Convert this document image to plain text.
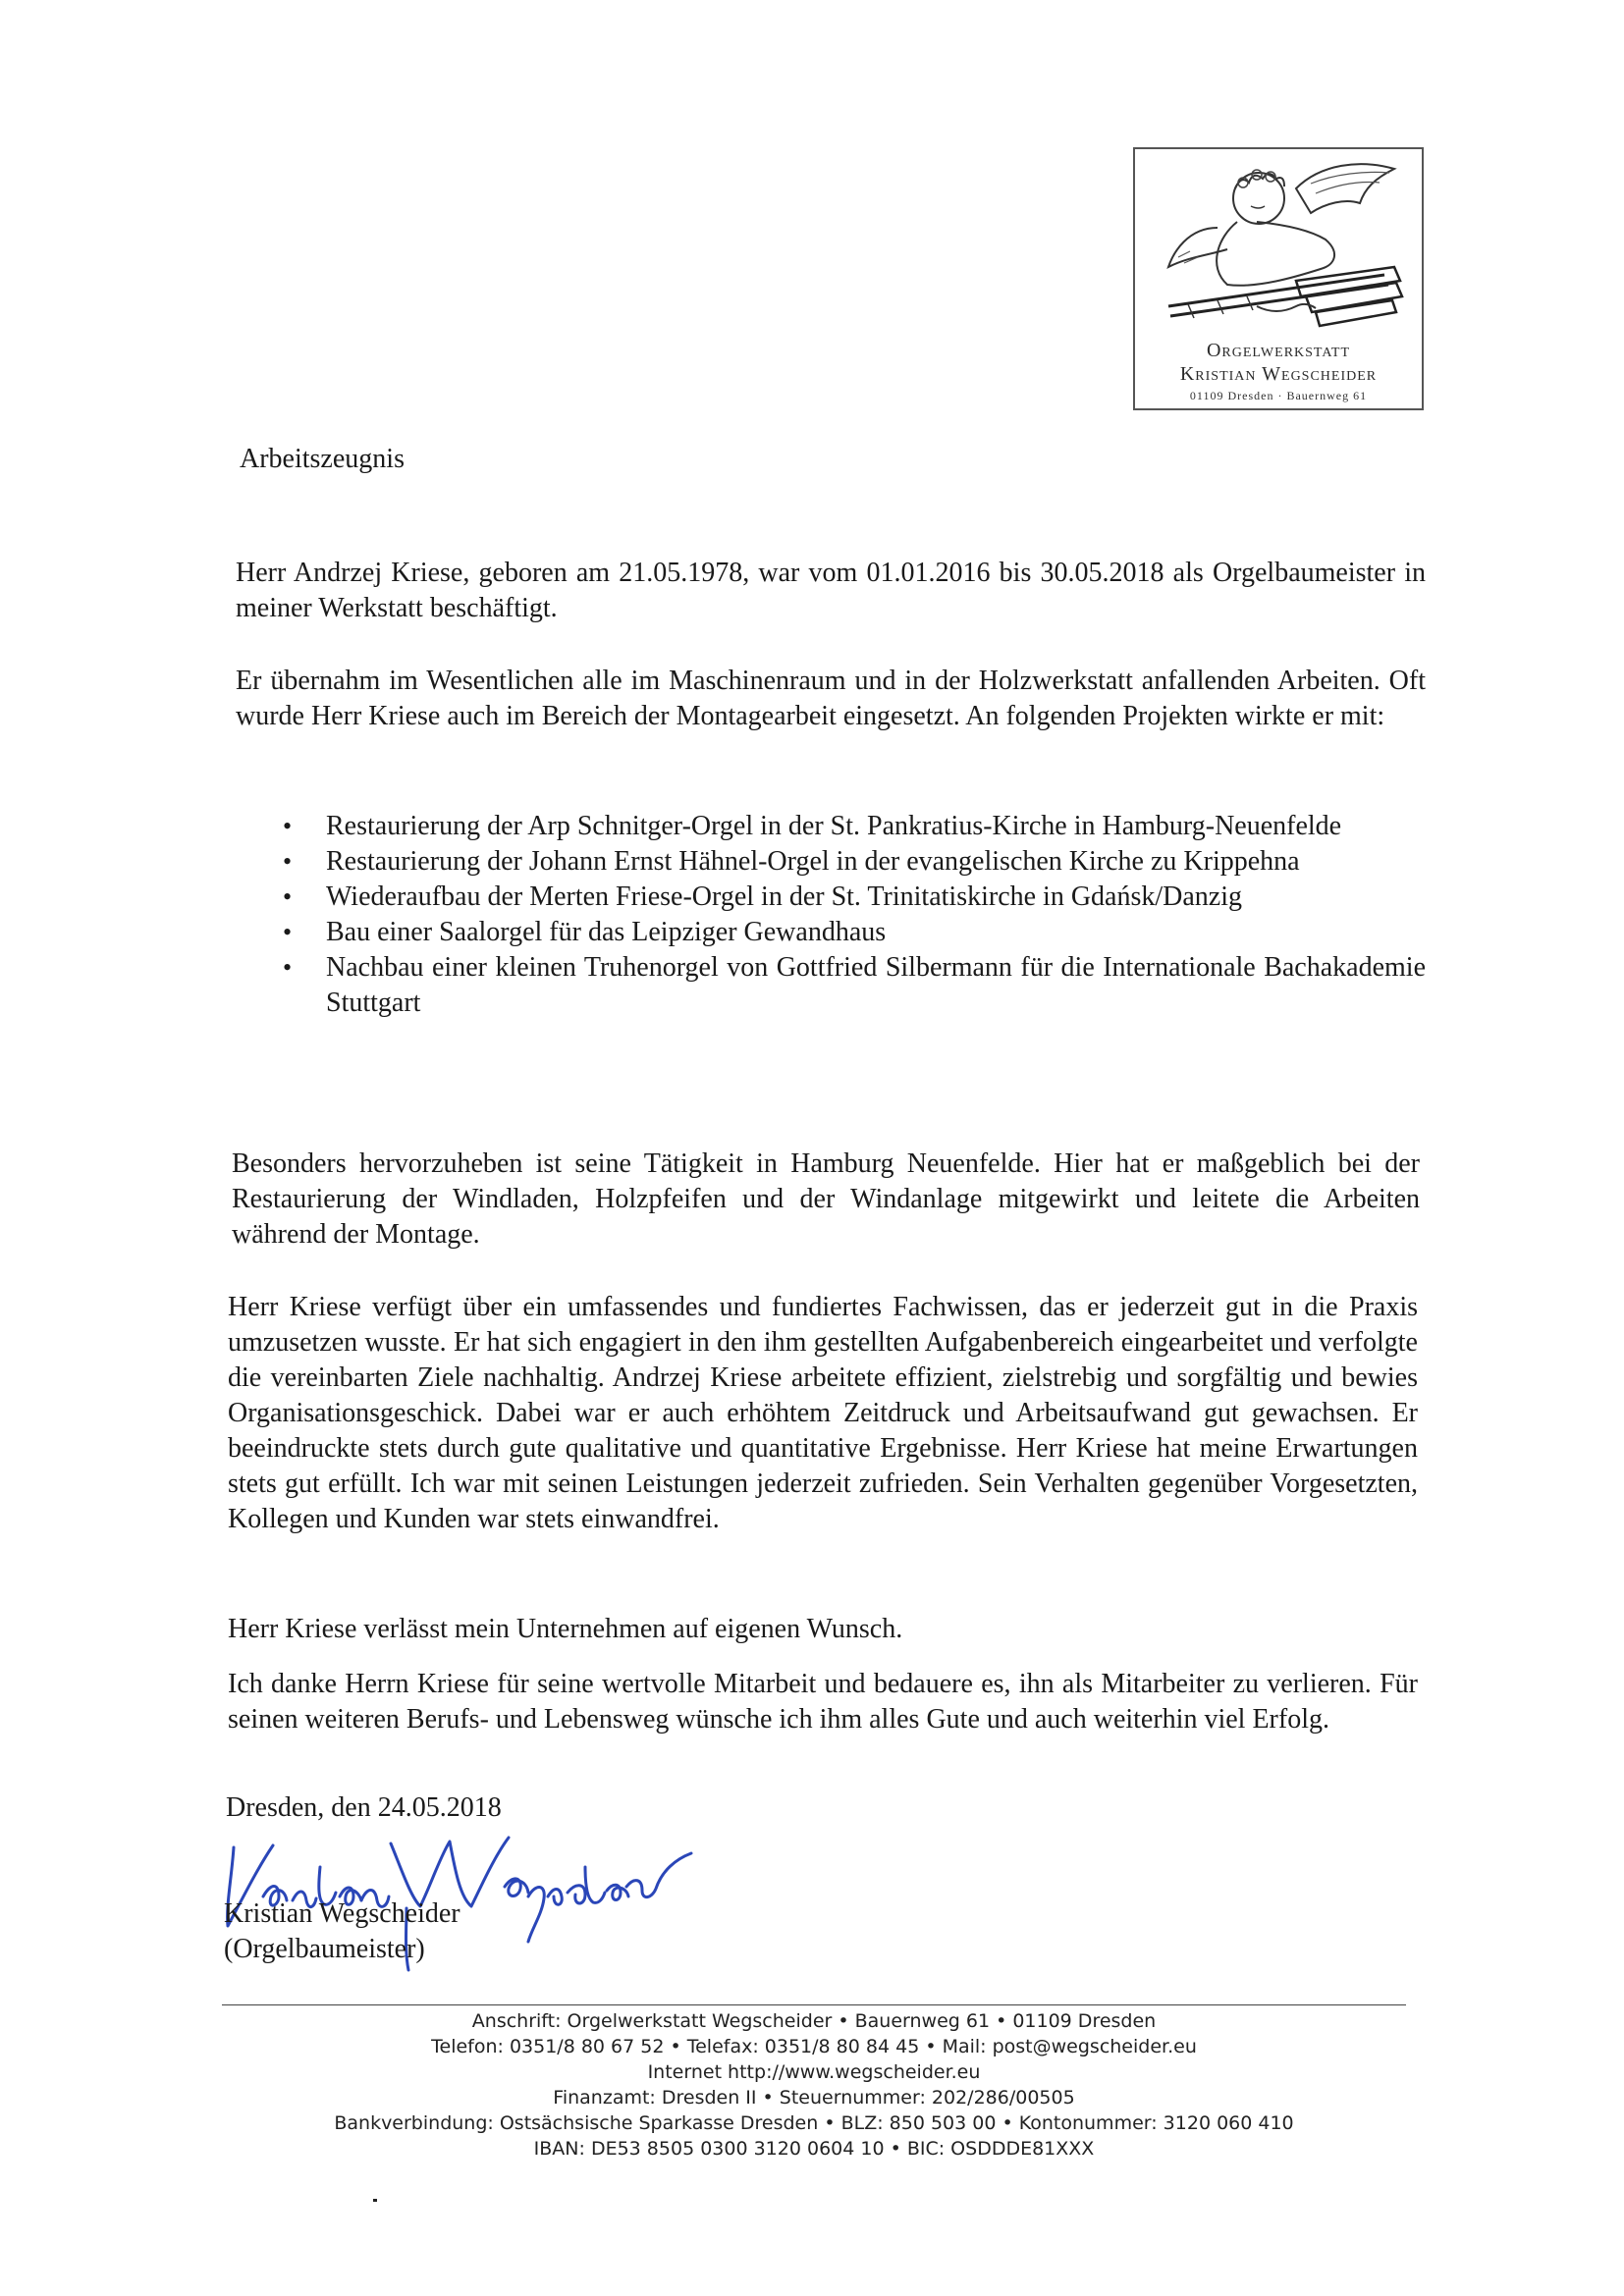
Orgelwerkstatt
Kristian Wegscheider
01109 Dresden · Bauernweg 61
Arbeitszeugnis
Herr Andrzej Kriese, geboren am 21.05.1978, war vom 01.01.2016 bis 30.05.2018 als Orgelbaumeister in meiner Werkstatt beschäftigt.
Er übernahm im Wesentlichen alle im Maschinenraum und in der Holzwerkstatt anfallenden Arbeiten. Oft wurde Herr Kriese auch im Bereich der Montagearbeit eingesetzt. An folgenden Projekten wirkte er mit:
• Restaurierung der Arp Schnitger-Orgel in der St. Pankratius-Kirche in Hamburg-Neuenfelde
• Restaurierung der Johann Ernst Hähnel-Orgel in der evangelischen Kirche zu Krippehna
• Wiederaufbau der Merten Friese-Orgel in der St. Trinitatiskirche in Gdańsk/Danzig
• Bau einer Saalorgel für das Leipziger Gewandhaus
• Nachbau einer kleinen Truhenorgel von Gottfried Silbermann für die Internationale Bachakademie Stuttgart
Besonders hervorzuheben ist seine Tätigkeit in Hamburg Neuenfelde. Hier hat er maßgeblich bei der Restaurierung der Windladen, Holzpfeifen und der Windanlage mitgewirkt und leitete die Arbeiten während der Montage.
Herr Kriese verfügt über ein umfassendes und fundiertes Fachwissen, das er jederzeit gut in die Praxis umzusetzen wusste. Er hat sich engagiert in den ihm gestellten Aufgabenbereich eingearbeitet und verfolgte die vereinbarten Ziele nachhaltig. Andrzej Kriese arbeitete effizient, zielstrebig und sorgfältig und bewies Organisationsgeschick. Dabei war er auch erhöhtem Zeitdruck und Arbeitsaufwand gut gewachsen. Er beeindruckte stets durch gute qualitative und quantitative Ergebnisse. Herr Kriese hat meine Erwartungen stets gut erfüllt. Ich war mit seinen Leistungen jederzeit zufrieden. Sein Verhalten gegenüber Vorgesetzten, Kollegen und Kunden war stets einwandfrei.
Herr Kriese verlässt mein Unternehmen auf eigenen Wunsch.
Ich danke Herrn Kriese für seine wertvolle Mitarbeit und bedauere es, ihn als Mitarbeiter zu verlieren. Für seinen weiteren Berufs- und Lebensweg wünsche ich ihm alles Gute und auch weiterhin viel Erfolg.
Dresden, den 24.05.2018
Kristian Wegscheider
Kristian Wegscheider
(Orgelbaumeister)
Anschrift: Orgelwerkstatt Wegscheider • Bauernweg 61 • 01109 Dresden
Telefon: 0351/8 80 67 52 • Telefax: 0351/8 80 84 45 • Mail: post@wegscheider.eu
Internet http://www.wegscheider.eu
Finanzamt: Dresden II • Steuernummer: 202/286/00505
Bankverbindung: Ostsächsische Sparkasse Dresden • BLZ: 850 503 00 • Kontonummer: 3120 060 410
IBAN: DE53 8505 0300 3120 0604 10 • BIC: OSDDDE81XXX
